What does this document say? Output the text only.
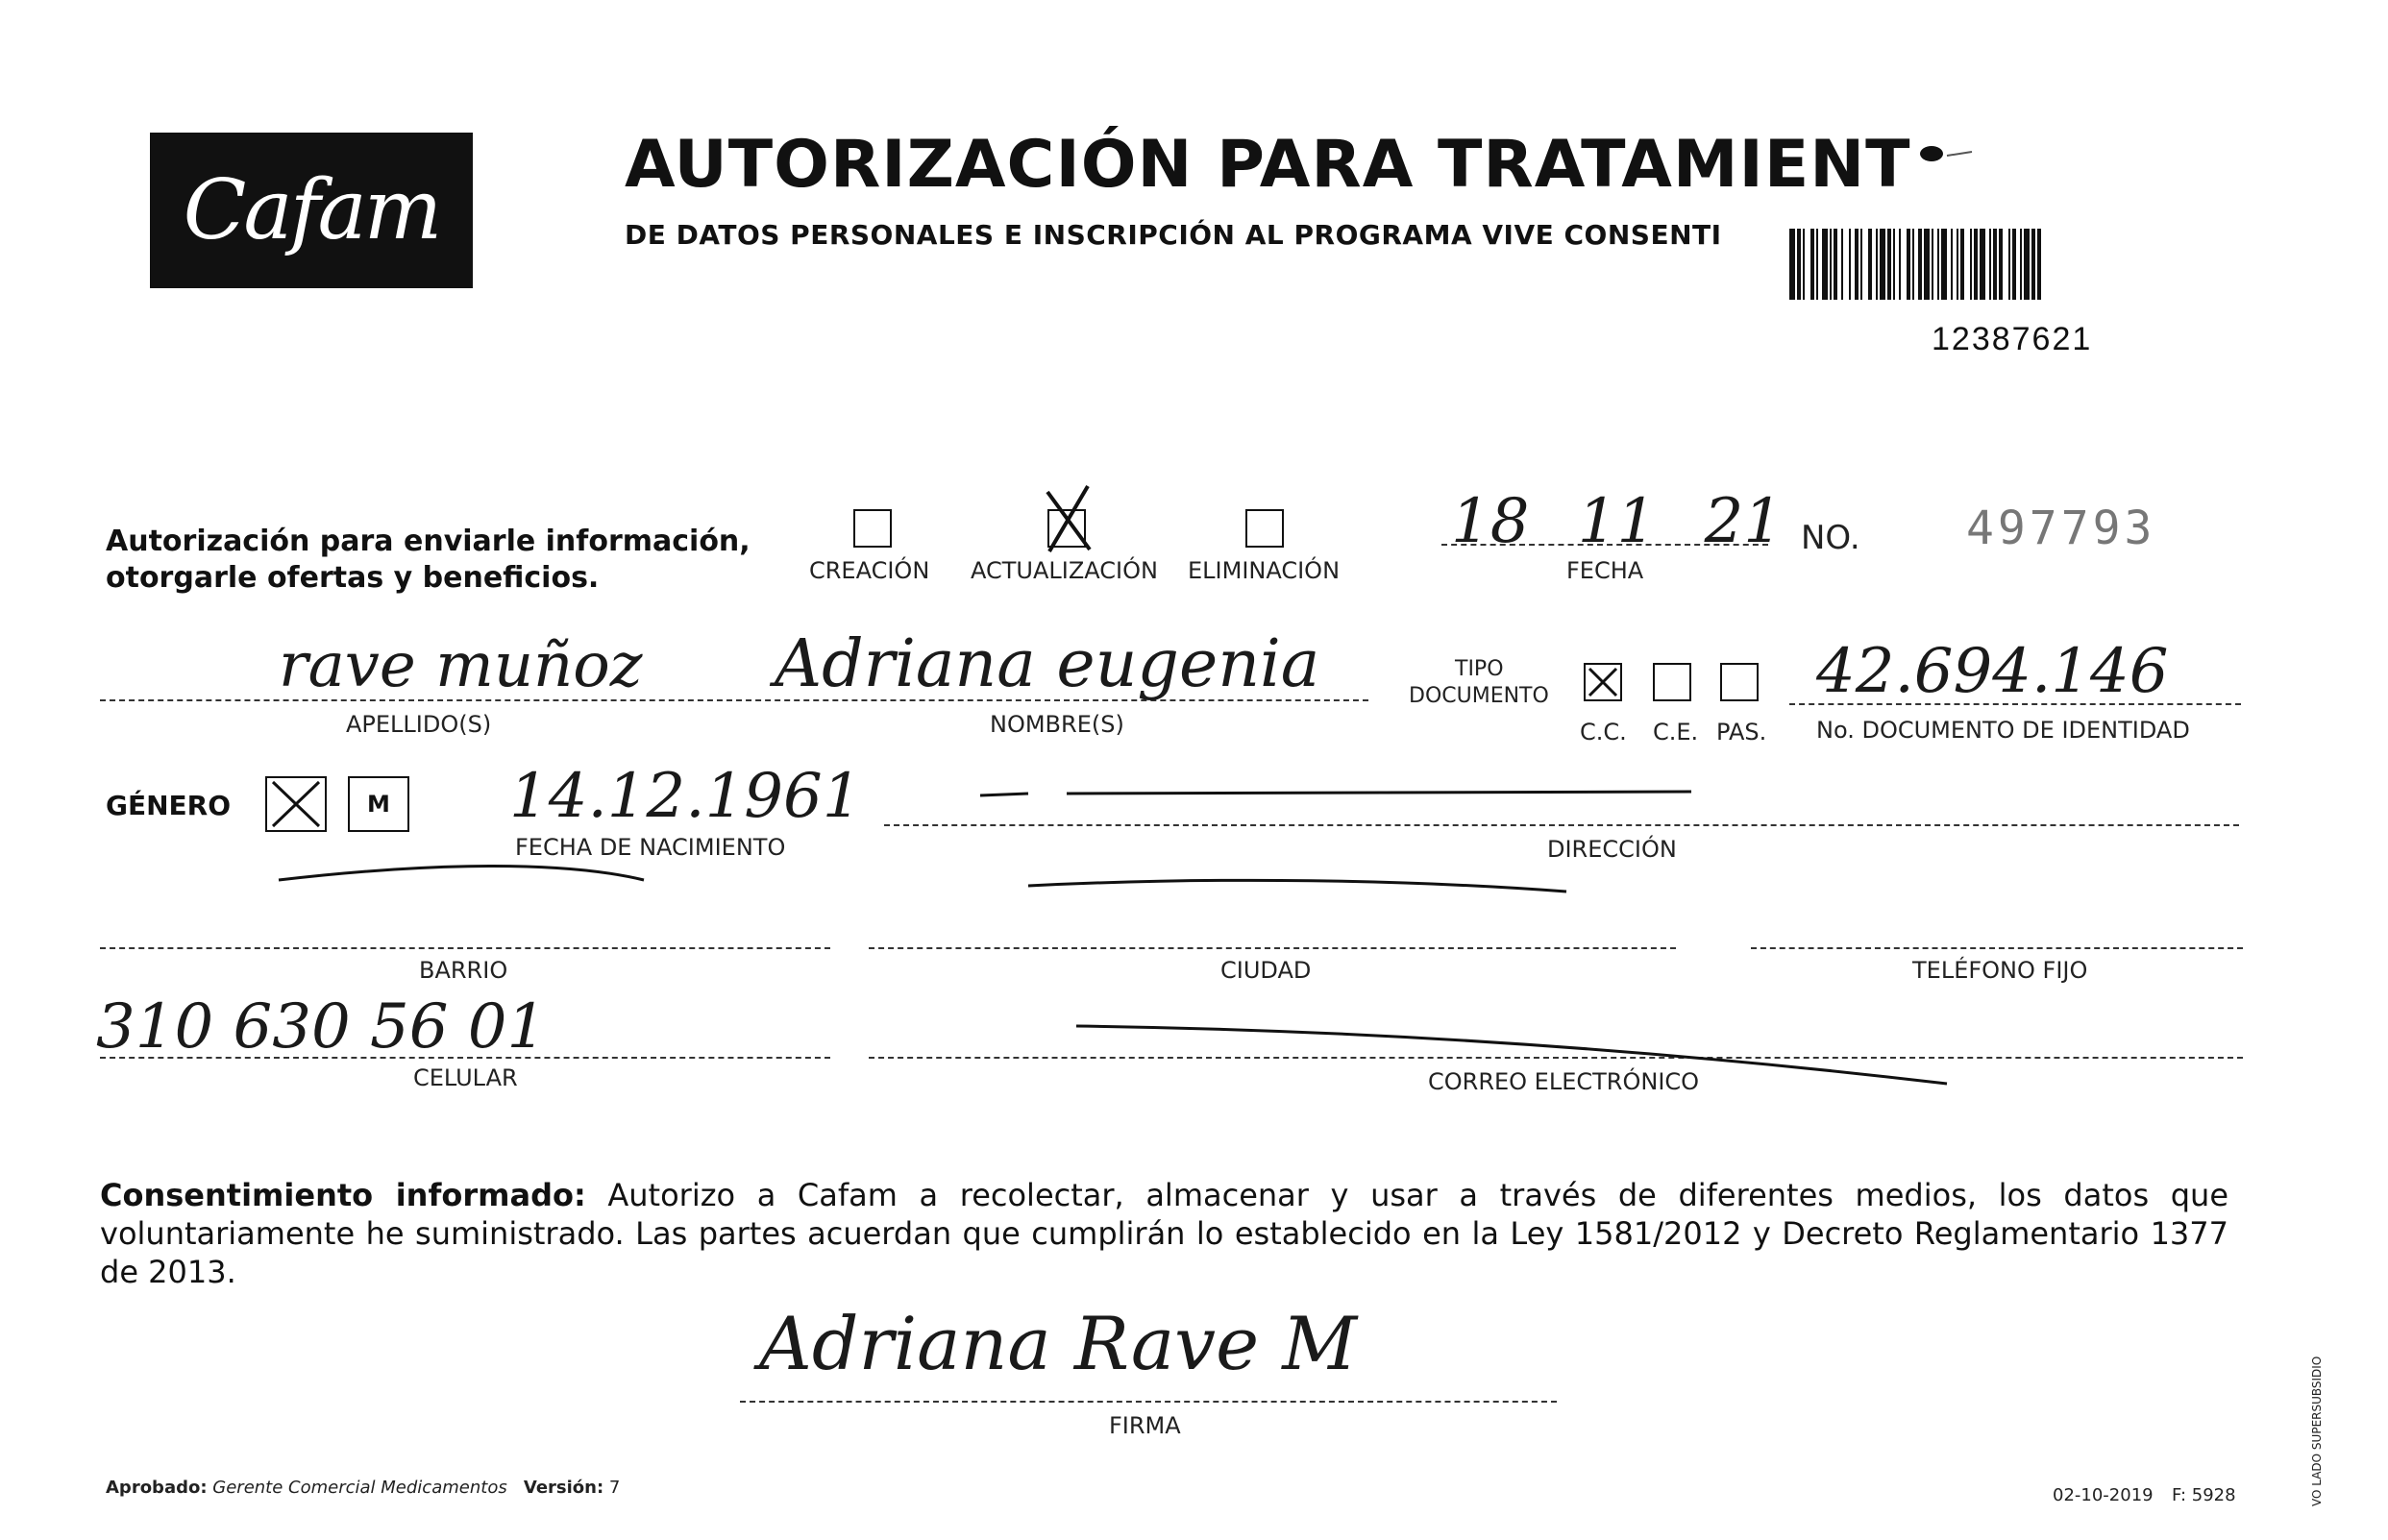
Cafam	AUTORIZACIÓN PARA TRATAMIENT
DE DATOS PERSONALES E INSCRIPCIÓN AL PROGRAMA VIVE CONSENTI
12387621
Autorización para enviarle información,
otorgarle ofertas y beneficios.	CREACIÓN ACTUALIZACIÓN ELIMINACIÓN
18 11 21
FECHA
NO. 497793
rave muñoz
APELLIDO(S)
Adriana eugenia
NOMBRE(S)
TIPO
DOCUMENTO
C.C. C.E. PAS.
42.694.146
No. DOCUMENTO DE IDENTIDAD
GÉNERO	M 14.12.1961
FECHA DE NACIMIENTO	DIRECCIÓN
BARRIO	CIUDAD	TELÉFONO FIJO
310 630 56 01
CELULAR	CORREO ELECTRÓNICO
Consentimiento informado: Autorizo a Cafam a recolectar, almacenar y usar a través de diferentes medios, los datos que voluntariamente he suministrado. Las partes acuerdan que cumplirán lo establecido en la Ley 1581/2012 y Decreto Reglamentario 1377 de 2013.
Adriana Rave M
FIRMA
Aprobado: Gerente Comercial Medicamentos Versión: 7	02-10-2019 F: 5928	VO LADO SUPERSUBSIDIO
